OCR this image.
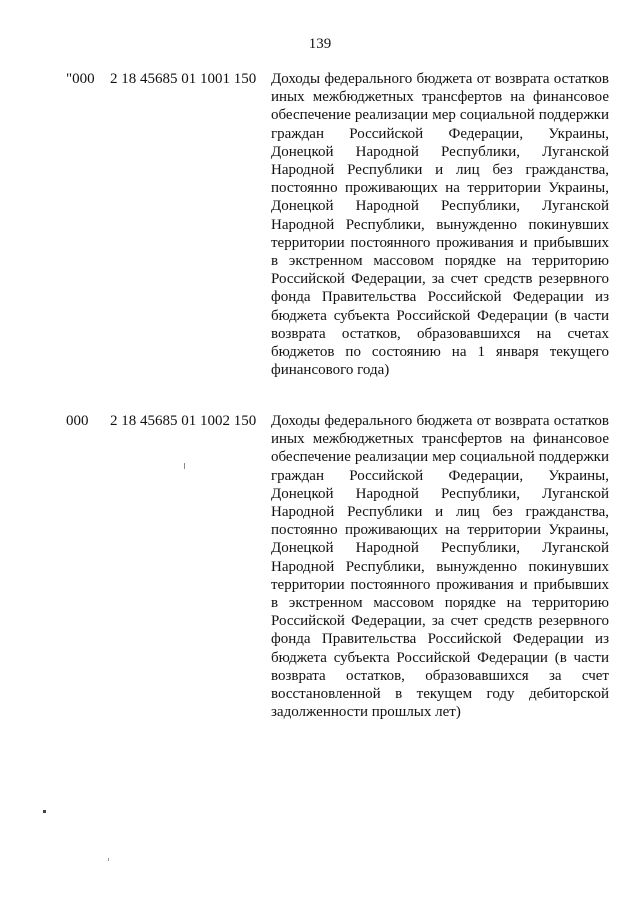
139
"000 2 18 45685 01 1001 150 Доходы федерального бюджета от возврата остатков иных межбюджетных трансфертов на финансовое обеспечение реализации мер социальной поддержки граждан Российской Федерации, Украины, Донецкой Народной Республики, Луганской Народной Республики и лиц без гражданства, постоянно проживающих на территории Украины, Донецкой Народной Республики, Луганской Народной Республики, вынужденно покинувших территории постоянного проживания и прибывших в экстренном массовом порядке на территорию Российской Федерации, за счет средств резервного фонда Правительства Российской Федерации из бюджета субъекта Российской Федерации (в части возврата остатков, образовавшихся на счетах бюджетов по состоянию на 1 января текущего финансового года)

000 2 18 45685 01 1002 150 Доходы федерального бюджета от возврата остатков иных межбюджетных трансфертов на финансовое обеспечение реализации мер социальной поддержки граждан Российской Федерации, Украины, Донецкой Народной Республики, Луганской Народной Республики и лиц без гражданства, постоянно проживающих на территории Украины, Донецкой Народной Республики, Луганской Народной Республики, вынужденно покинувших территории постоянного проживания и прибывших в экстренном массовом порядке на территорию Российской Федерации, за счет средств резервного фонда Правительства Российской Федерации из бюджета субъекта Российской Федерации (в части возврата остатков, образовавшихся за счет восстановленной в текущем году дебиторской задолженности прошлых лет)
